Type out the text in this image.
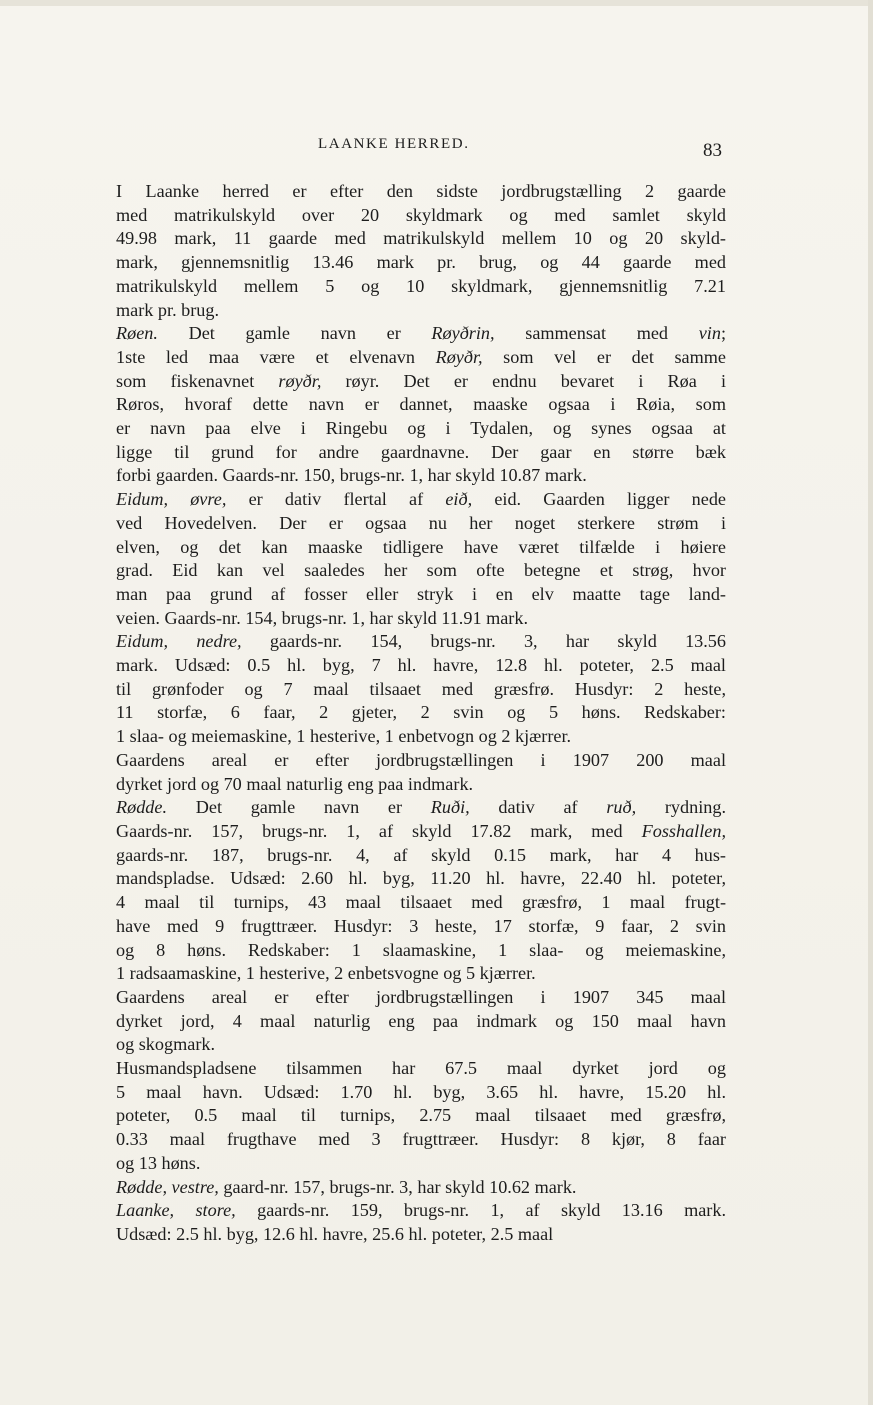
LAANKE HERRED.	83

I Laanke herred er efter den sidste jordbrugstælling 2 gaarde
med matrikulskyld over 20 skyldmark og med samlet skyld
49.98 mark, 11 gaarde med matrikulskyld mellem 10 og 20 skyld-
mark, gjennemsnitlig 13.46 mark pr. brug, og 44 gaarde med
matrikulskyld mellem 5 og 10 skyldmark, gjennemsnitlig 7.21
mark pr. brug.

Røen. Det gamle navn er Røyðrin, sammensat med vin;
1ste led maa være et elvenavn Røyðr, som vel er det samme
som fiskenavnet røyðr, røyr. Det er endnu bevaret i Røa i
Røros, hvoraf dette navn er dannet, maaske ogsaa i Røia, som
er navn paa elve i Ringebu og i Tydalen, og synes ogsaa at
ligge til grund for andre gaardnavne. Der gaar en større bæk
forbi gaarden. Gaards-nr. 150, brugs-nr. 1, har skyld 10.87 mark.

Eidum, øvre, er dativ flertal af eið, eid. Gaarden ligger nede
ved Hovedelven. Der er ogsaa nu her noget sterkere strøm i
elven, og det kan maaske tidligere have været tilfælde i høiere
grad. Eid kan vel saaledes her som ofte betegne et strøg, hvor
man paa grund af fosser eller stryk i en elv maatte tage land-
veien. Gaards-nr. 154, brugs-nr. 1, har skyld 11.91 mark.

Eidum, nedre, gaards-nr. 154, brugs-nr. 3, har skyld 13.56
mark. Udsæd: 0.5 hl. byg, 7 hl. havre, 12.8 hl. poteter, 2.5 maal
til grønfoder og 7 maal tilsaaet med græsfrø. Husdyr: 2 heste,
11 storfæ, 6 faar, 2 gjeter, 2 svin og 5 høns. Redskaber:
1 slaa- og meiemaskine, 1 hesterive, 1 enbetvogn og 2 kjærrer.

Gaardens areal er efter jordbrugstællingen i 1907 200 maal
dyrket jord og 70 maal naturlig eng paa indmark.

Rødde. Det gamle navn er Ruði, dativ af ruð, rydning.
Gaards-nr. 157, brugs-nr. 1, af skyld 17.82 mark, med Fosshallen,
gaards-nr. 187, brugs-nr. 4, af skyld 0.15 mark, har 4 hus-
mandspladse. Udsæd: 2.60 hl. byg, 11.20 hl. havre, 22.40 hl. poteter,
4 maal til turnips, 43 maal tilsaaet med græsfrø, 1 maal frugt-
have med 9 frugttræer. Husdyr: 3 heste, 17 storfæ, 9 faar, 2 svin
og 8 høns. Redskaber: 1 slaamaskine, 1 slaa- og meiemaskine,
1 radsaamaskine, 1 hesterive, 2 enbetsvogne og 5 kjærrer.

Gaardens areal er efter jordbrugstællingen i 1907 345 maal
dyrket jord, 4 maal naturlig eng paa indmark og 150 maal havn
og skogmark.

Husmandspladsene tilsammen har 67.5 maal dyrket jord og
5 maal havn. Udsæd: 1.70 hl. byg, 3.65 hl. havre, 15.20 hl.
poteter, 0.5 maal til turnips, 2.75 maal tilsaaet med græsfrø,
0.33 maal frugthave med 3 frugttræer. Husdyr: 8 kjør, 8 faar
og 13 høns.

Rødde, vestre, gaard-nr. 157, brugs-nr. 3, har skyld 10.62 mark.

Laanke, store, gaards-nr. 159, brugs-nr. 1, af skyld 13.16 mark.
Udsæd: 2.5 hl. byg, 12.6 hl. havre, 25.6 hl. poteter, 2.5 maal
